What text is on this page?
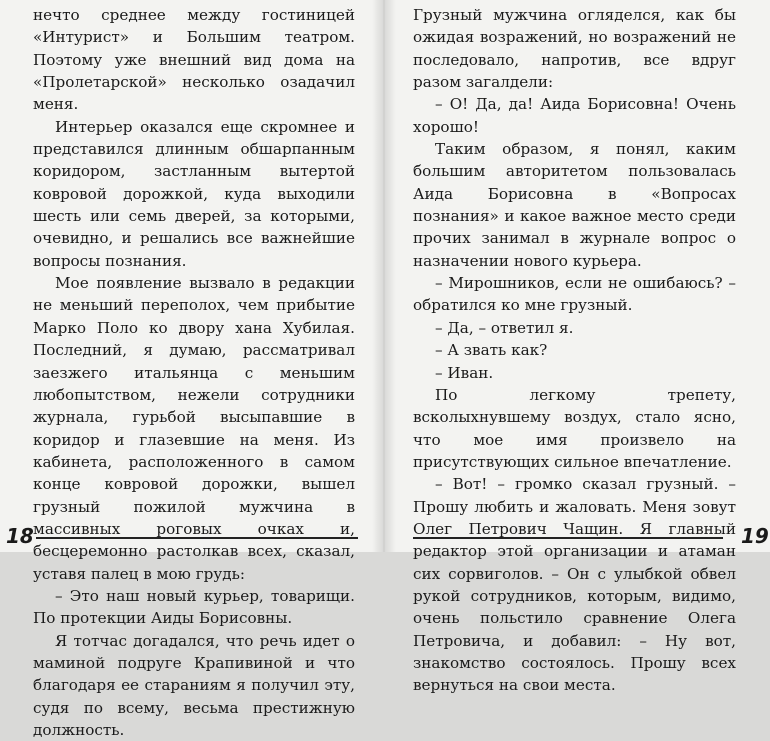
нечто среднее между гостиницей «Интурист» и Большим театром. Поэтому уже внешний вид дома на «Пролетарской» несколько озадачил меня.

Интерьер оказался еще скромнее и представился длинным обшарпанным коридором, застланным вытертой ковровой дорожкой, куда выходили шесть или семь дверей, за которыми, очевидно, и решались все важнейшие вопросы познания.

Мое появление вызвало в редакции не меньший переполох, чем прибытие Марко Поло ко двору хана Хубилая. Последний, я думаю, рассматривал заезжего итальянца с меньшим любопытством, нежели сотрудники журнала, гурьбой высыпавшие в коридор и глазевшие на меня. Из кабинета, расположенного в самом конце ковровой дорожки, вышел грузный пожилой мужчина в массивных роговых очках и, бесцеремонно растолкав всех, сказал, уставя палец в мою грудь:

– Это наш новый курьер, товарищи. По протекции Аиды Борисовны.

Я тотчас догадался, что речь идет о маминой подруге Крапивиной и что благодаря ее стараниям я получил эту, судя по всему, весьма престижную должность.

18

Грузный мужчина огляделся, как бы ожидая возражений, но возражений не последовало, напротив, все вдруг разом загалдели:

– О! Да, да! Аида Борисовна! Очень хорошо!

Таким образом, я понял, каким большим авторитетом пользовалась Аида Борисовна в «Вопросах познания» и какое важное место среди прочих занимал в журнале вопрос о назначении нового курьера.

– Мирошников, если не ошибаюсь? – обратился ко мне грузный.

– Да, – ответил я.

– А звать как?

– Иван.

По легкому трепету, всколыхнувшему воздух, стало ясно, что мое имя произвело на присутствующих сильное впечатление.

– Вот! – громко сказал грузный. – Прошу любить и жаловать. Меня зовут Олег Петрович Чащин. Я главный редактор этой организации и атаман сих сорвиголов. – Он с улыбкой обвел рукой сотрудников, которым, видимо, очень польстило сравнение Олега Петровича, и добавил: – Ну вот, знакомство состоялось. Прошу всех вернуться на свои места.

19
